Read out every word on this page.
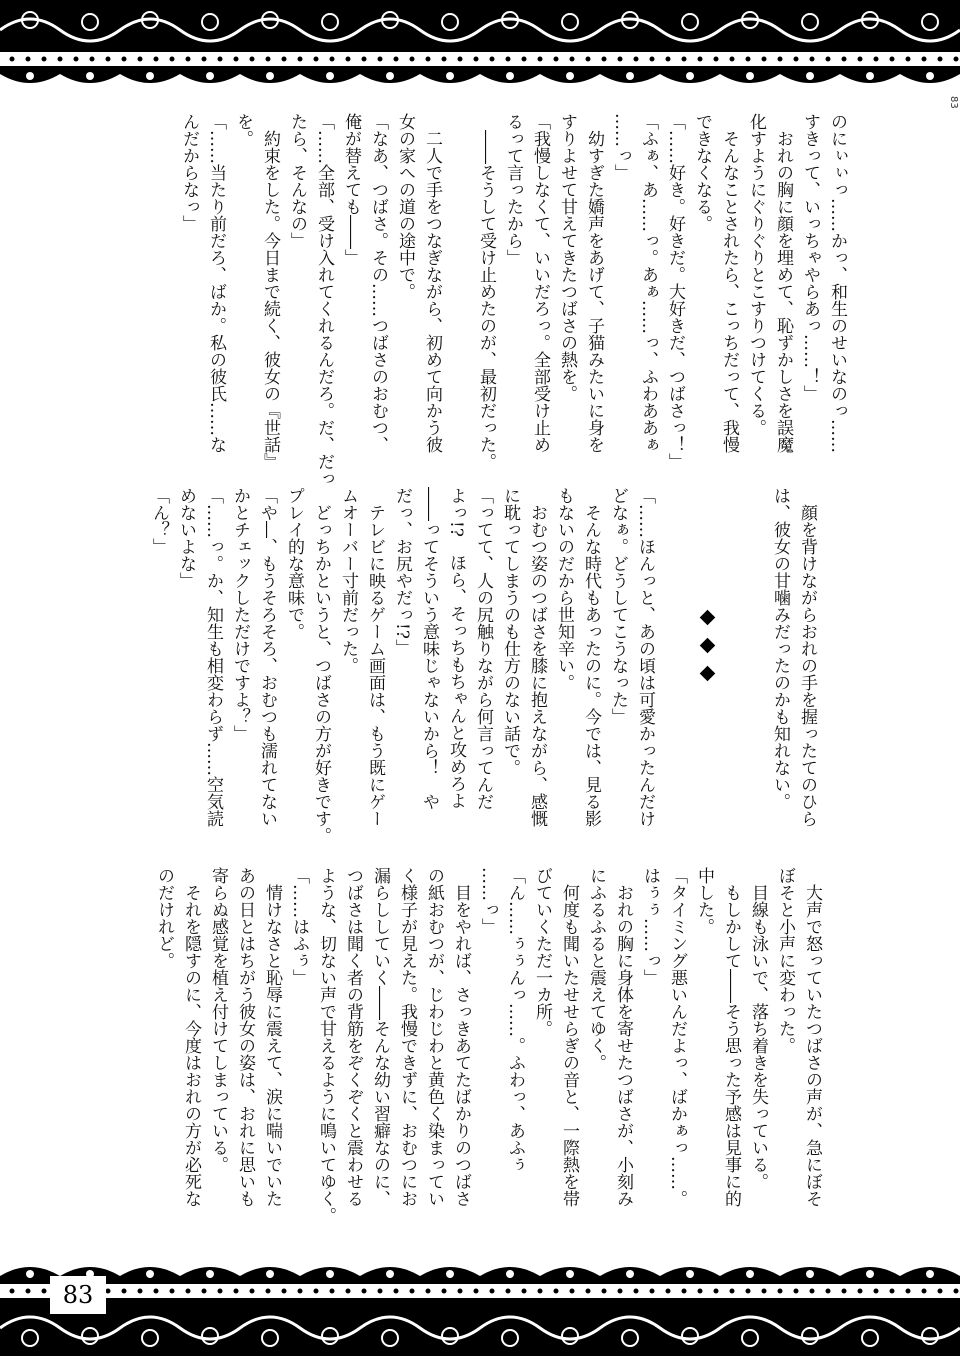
83
のにぃぃっ……かっ、和生のせいなのっ……
すきって、いっちゃやらあっ……！」
　おれの胸に顔を埋めて、恥ずかしさを誤魔
化すようにぐりぐりとこすりつけてくる。
　そんなことされたら、こっちだって、我慢
できなくなる。
「……好き。好きだ。大好きだ、つばさっ！」
「ふぁ、あ……っ。あぁ……っ、ふわああぁ
……っ」
　幼すぎた嬌声をあげて、子猫みたいに身を
すりよせて甘えてきたつばさの熱を。
「我慢しなくて、いいだろっ。全部受け止め
るって言ったから」
　――そうして受け止めたのが、最初だった。

　二人で手をつなぎながら、初めて向かう彼
女の家への道の途中で。
「なあ、つばさ。その……つばさのおむつ、
俺が替えても――」
「……全部、受け入れてくれるんだろ。だ、だっ
たら、そんなの」
　約束をした。今日まで続く、彼女の『世話』
を。
「……当たり前だろ、ばか。私の彼氏……な
んだからなっ」
　顔を背けながらおれの手を握ったてのひら
は、彼女の甘噛みだったのかも知れない。

「……ほんっと、あの頃は可愛かったんだけ
どなぁ。どうしてこうなった」
　そんな時代もあったのに。今では、見る影
もないのだから世知辛い。
　おむつ姿のつばさを膝に抱えながら、感慨
に耽ってしまうのも仕方のない話で。
「ってて、人の尻触りながら何言ってんだ
よっ!?　ほら、そっちもちゃんと攻めろよ
――ってそういう意味じゃないから！　や
だっ、お尻やだっ!?」
　テレビに映るゲーム画面は、もう既にゲー
ムオーバー寸前だった。
　どっちかというと、つばさの方が好きです。
プレイ的な意味で。
「や―、もうそろそろ、おむつも濡れてない
かとチェックしただけですよ？」
「……っ。か、知生も相変わらず……空気読
めないよな」
「ん？」
　大声で怒っていたつばさの声が、急にぼそ
ぼそと小声に変わった。
　目線も泳いで、落ち着きを失っている。
　もしかして――そう思った予感は見事に的
中した。
「タイミング悪いんだよっ、ばかぁっ……。
はぅぅ……っ」
　おれの胸に身体を寄せたつばさが、小刻み
にふるふると震えてゆく。
　何度も聞いたせせらぎの音と、一際熱を帯
びていくただ一カ所。
「ん……ぅぅんっ……。ふわっ、あふぅ
……っ」
　目をやれば、さっきあてたばかりのつばさ
の紙おむつが、じわじわと黄色く染まってい
く様子が見えた。我慢できずに、おむつにお
漏らししていく――そんな幼い習癖なのに、
つばさは聞く者の背筋をぞくぞくと震わせる
ような、切ない声で甘えるように鳴いてゆく。
「……はふぅ」
　情けなさと恥辱に震えて、涙に喘いでいた
あの日とはちがう彼女の姿は、おれに思いも
寄らぬ感覚を植え付けてしまっている。
　それを隠すのに、今度はおれの方が必死な
のだけれど。
83
